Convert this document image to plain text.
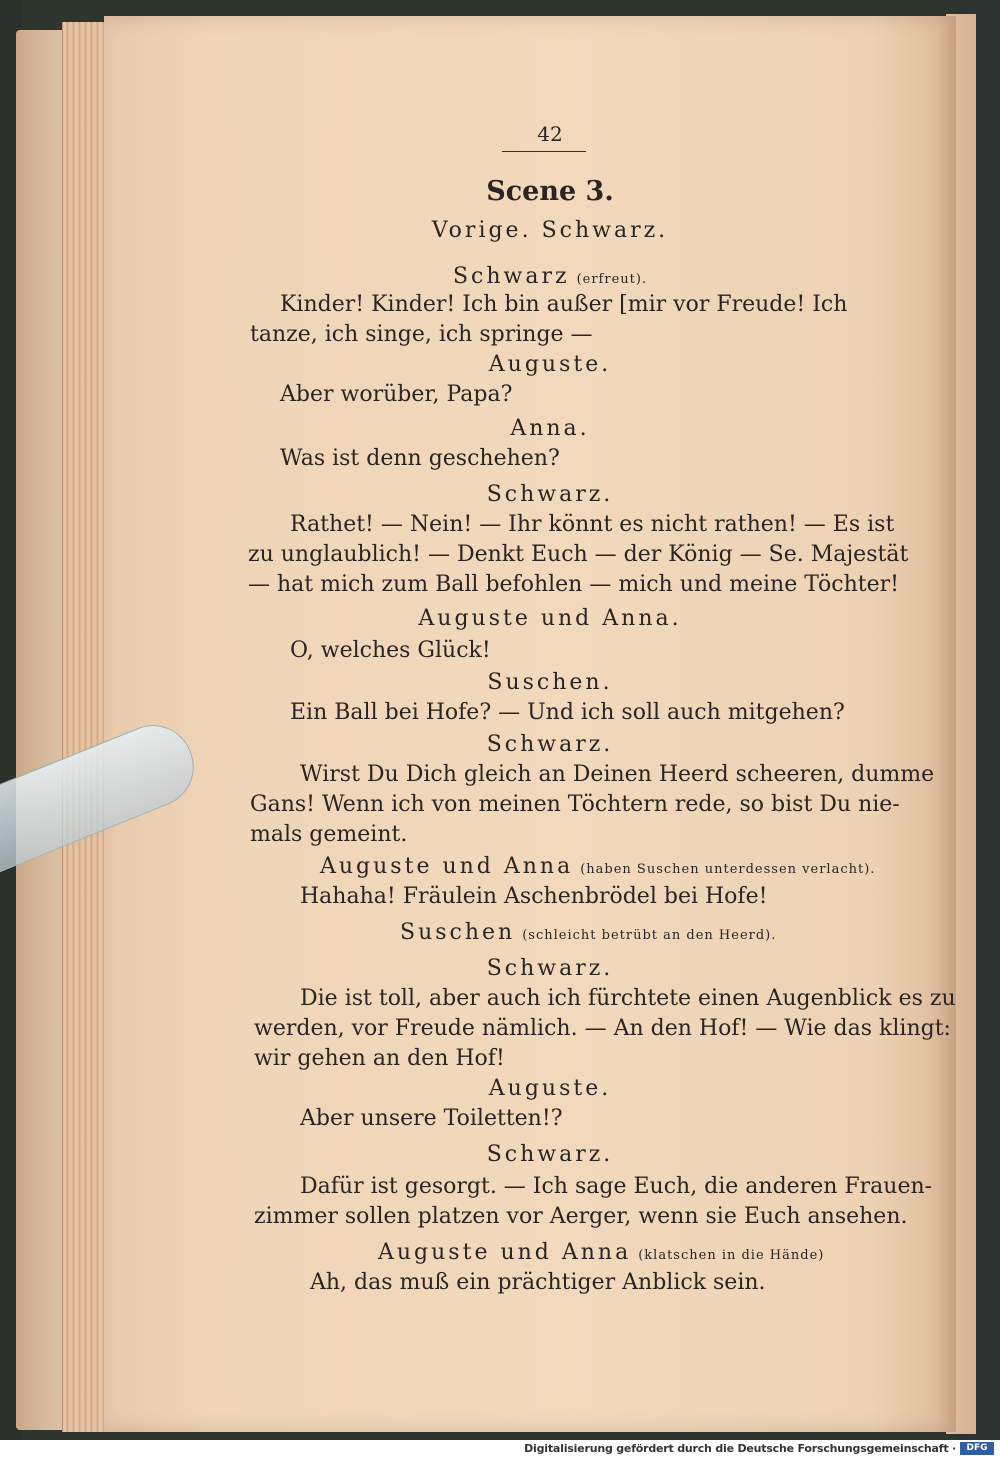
42
Scene 3.
Vorige. Schwarz.
Schwarz (erfreut).
Kinder! Kinder! Ich bin außer [mir vor Freude! Ich
tanze, ich singe, ich springe —
Auguste.
Aber worüber, Papa?
Anna.
Was ist denn geschehen?
Schwarz.
Rathet! — Nein! — Ihr könnt es nicht rathen! — Es ist
zu unglaublich! — Denkt Euch — der König — Se. Majestät
— hat mich zum Ball befohlen — mich und meine Töchter!
Auguste und Anna.
O, welches Glück!
Suschen.
Ein Ball bei Hofe? — Und ich soll auch mitgehen?
Schwarz.
Wirst Du Dich gleich an Deinen Heerd scheeren, dumme
Gans! Wenn ich von meinen Töchtern rede, so bist Du nie-
mals gemeint.
Auguste und Anna (haben Suschen unterdessen verlacht).
Hahaha! Fräulein Aschenbrödel bei Hofe!
Suschen (schleicht betrübt an den Heerd).
Schwarz.
Die ist toll, aber auch ich fürchtete einen Augenblick es zu
werden, vor Freude nämlich. — An den Hof! — Wie das klingt:
wir gehen an den Hof!
Auguste.
Aber unsere Toiletten!?
Schwarz.
Dafür ist gesorgt. — Ich sage Euch, die anderen Frauen-
zimmer sollen platzen vor Aerger, wenn sie Euch ansehen.
Auguste und Anna (klatschen in die Hände)
Ah, das muß ein prächtiger Anblick sein.
Digitalisierung gefördert durch die Deutsche Forschungsgemeinschaft ·	DFG
